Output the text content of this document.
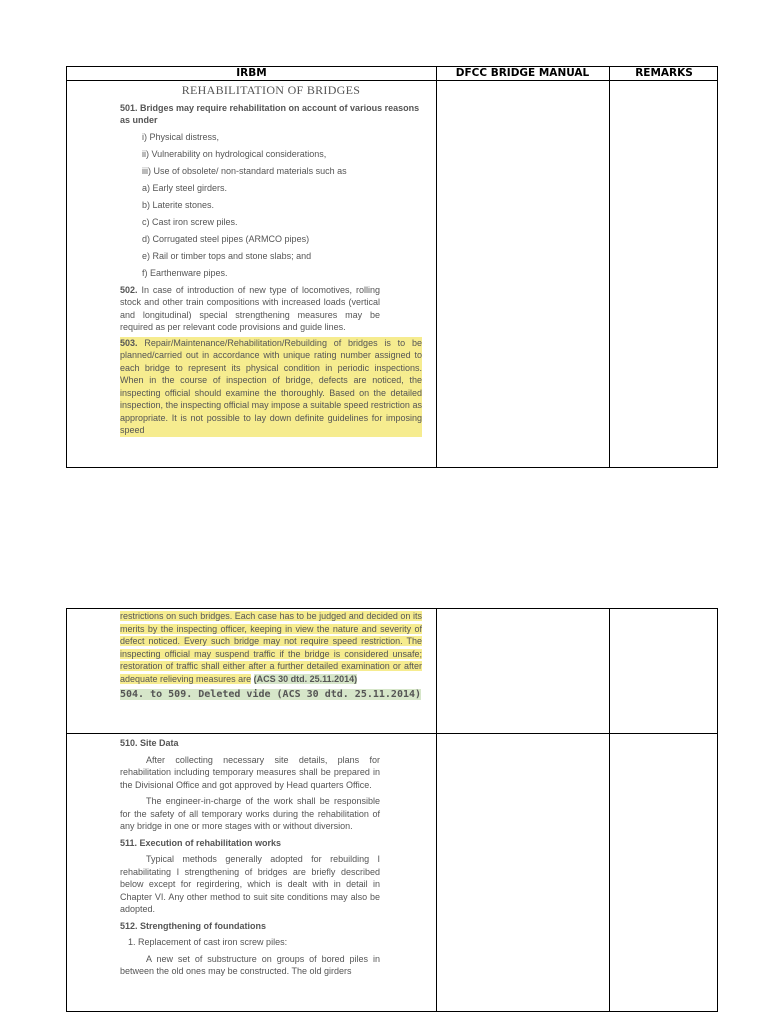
IRBM	DFCC BRIDGE MANUAL	REMARKS

REHABILITATION OF BRIDGES

501. Bridges may require rehabilitation on account of various reasons as under

i) Physical distress,

ii) Vulnerability on hydrological considerations,

iii) Use of obsolete/ non-standard materials such as

a) Early steel girders.

b) Laterite stones.

c) Cast iron screw piles.

d) Corrugated steel pipes (ARMCO pipes)

e) Rail or timber tops and stone slabs; and

f) Earthenware pipes.

502. In case of introduction of new type of locomotives, rolling stock and other train compositions with increased loads (vertical and longitudinal) special strengthening measures may be required as per relevant code provisions and guide lines.

503. Repair/Maintenance/Rehabilitation/Rebuilding of bridges is to be planned/carried out in accordance with unique rating number assigned to each bridge to represent its physical condition in periodic inspections. When in the course of inspection of bridge, defects are noticed, the inspecting official should examine the thoroughly. Based on the detailed inspection, the inspecting official may impose a suitable speed restriction as appropriate. It is not possible to lay down definite guidelines for imposing speed

restrictions on such bridges. Each case has to be judged and decided on its merits by the inspecting officer, keeping in view the nature and severity of defect noticed. Every such bridge may not require speed restriction. The inspecting official may suspend traffic if the bridge is considered unsafe; restoration of traffic shall either after a further detailed examination or after adequate relieving measures are (ACS 30 dtd. 25.11.2014)

504. to 509. Deleted vide (ACS 30 dtd. 25.11.2014)

510. Site Data

After collecting necessary site details, plans for rehabilitation including temporary measures shall be prepared in the Divisional Office and got approved by Head quarters Office.

The engineer-in-charge of the work shall be responsible for the safety of all temporary works during the rehabilitation of any bridge in one or more stages with or without diversion.

511. Execution of rehabilitation works

Typical methods generally adopted for rebuilding I rehabilitating I strengthening of bridges are briefly described below except for regirdering, which is dealt with in detail in Chapter VI. Any other method to suit site conditions may also be adopted.

512. Strengthening of foundations

1. Replacement of cast iron screw piles:

A new set of substructure on groups of bored piles in between the old ones may be constructed. The old girders
